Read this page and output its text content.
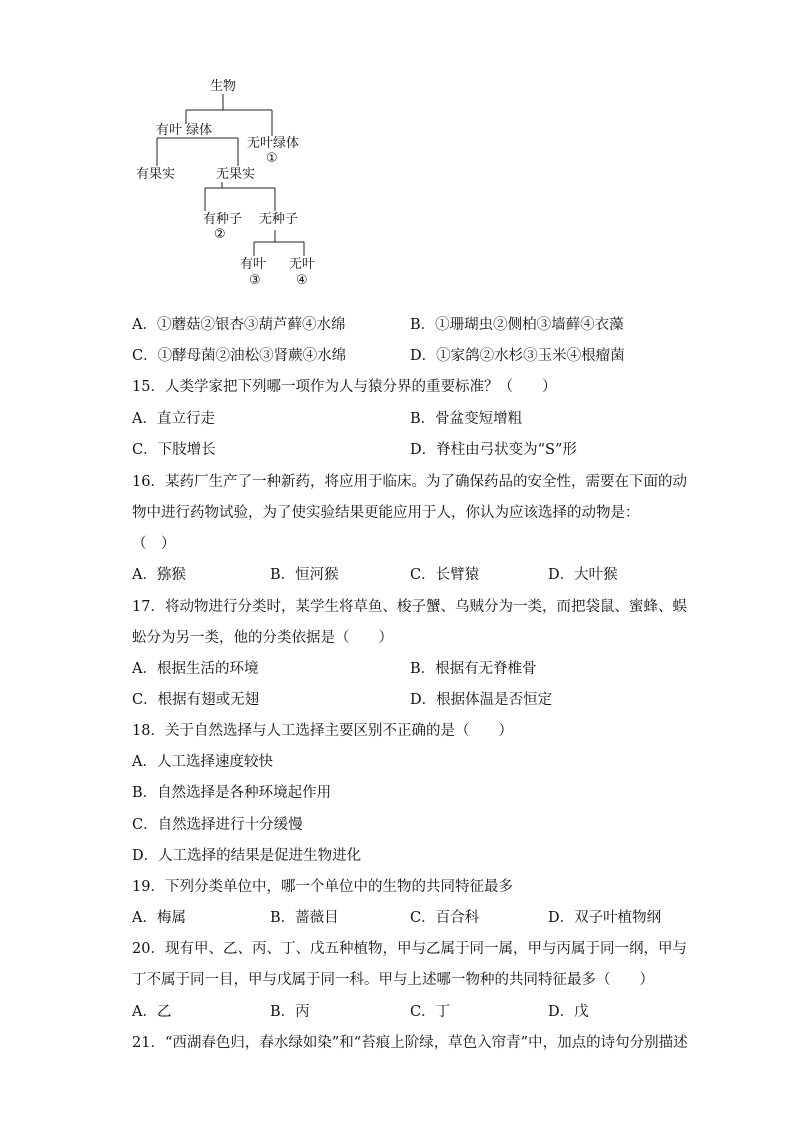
生物
有叶 绿体
无叶绿体
①
有果实	无果实
有种子
②
无种子
有叶
③
无叶
④
A．①蘑菇②银杏③葫芦藓④水绵	B．①珊瑚虫②侧柏③墙藓④衣藻
C．①酵母菌②油松③肾蕨④水绵	D．①家鸽②水杉③玉米④根瘤菌
15．人类学家把下列哪一项作为人与猿分界的重要标准？（　　）
A．直立行走	B．骨盆变短增粗
C．下肢增长	D．脊柱由弓状变为“S”形
16．某药厂生产了一种新药，将应用于临床。为了确保药品的安全性，需要在下面的动
物中进行药物试验，为了使实验结果更能应用于人，你认为应该选择的动物是：
（　）
A．猕猴	B．恒河猴	C．长臂猿	D．大叶猴
17．将动物进行分类时，某学生将草鱼、梭子蟹、乌贼分为一类，而把袋鼠、蜜蜂、蜈
蚣分为另一类，他的分类依据是（　　）
A．根据生活的环境	B．根据有无脊椎骨
C．根据有翅或无翅	D．根据体温是否恒定
18．关于自然选择与人工选择主要区别不正确的是（　　）
A．人工选择速度较快
B．自然选择是各种环境起作用
C．自然选择进行十分缓慢
D．人工选择的结果是促进生物进化
19．下列分类单位中，哪一个单位中的生物的共同特征最多
A．梅属	B．蔷薇目	C．百合科	D．双子叶植物纲
20．现有甲、乙、丙、丁、戊五种植物，甲与乙属于同一属，甲与丙属于同一纲，甲与
丁不属于同一目，甲与戊属于同一科。甲与上述哪一物种的共同特征最多（　　）
A．乙	B．丙	C．丁	D．戊
21．“西湖春色归，春水绿如染”和“苔痕上阶绿，草色入帘青”中，加点的诗句分别描述
